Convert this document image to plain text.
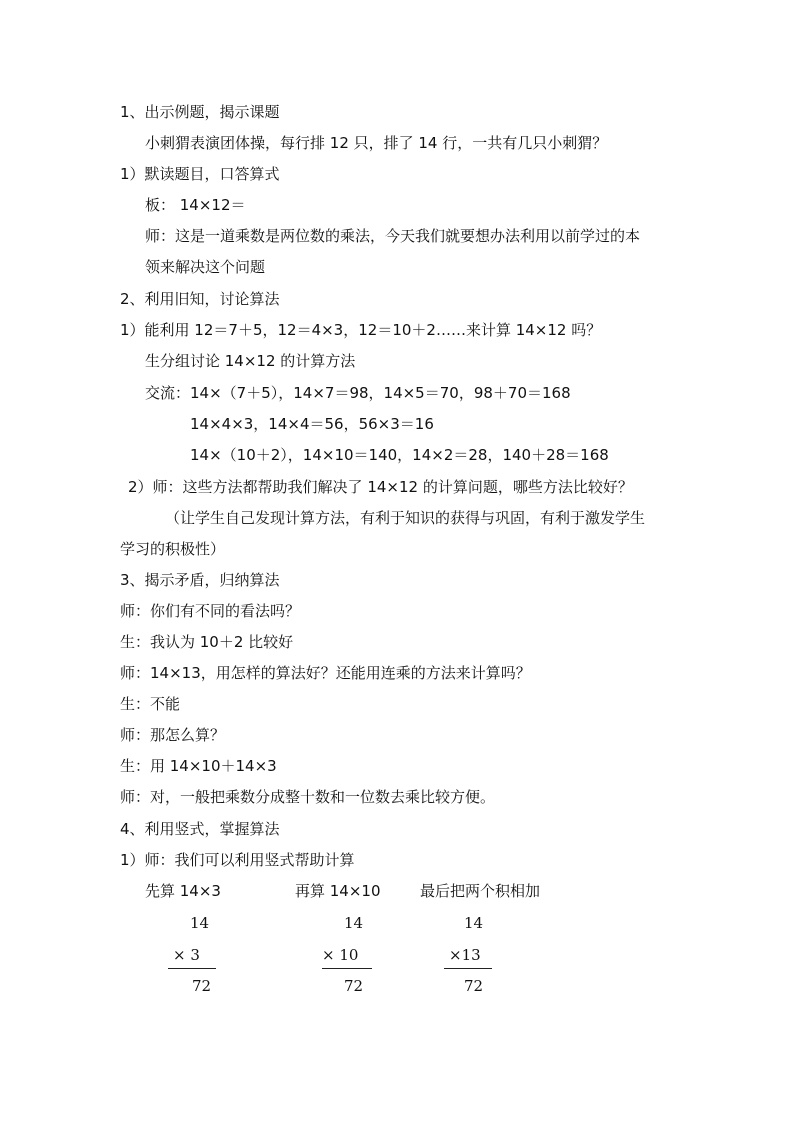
1、出示例题，揭示课题
小刺猬表演团体操，每行排 12 只，排了 14 行，一共有几只小刺猬？
1）默读题目，口答算式
板： 14×12＝
师：这是一道乘数是两位数的乘法，今天我们就要想办法利用以前学过的本
领来解决这个问题
2、利用旧知，讨论算法
1）能利用 12＝7＋5，12＝4×3，12＝10＋2……来计算 14×12 吗？
生分组讨论 14×12 的计算方法
交流：14×（7＋5），14×7＝98，14×5＝70，98＋70＝168
14×4×3，14×4＝56，56×3＝16
14×（10＋2），14×10＝140，14×2＝28，140＋28＝168
2）师：这些方法都帮助我们解决了 14×12 的计算问题，哪些方法比较好？
（让学生自己发现计算方法，有利于知识的获得与巩固，有利于激发学生
学习的积极性）
3、揭示矛盾，归纳算法
师：你们有不同的看法吗？
生：我认为 10＋2 比较好
师：14×13，用怎样的算法好？还能用连乘的方法来计算吗？
生：不能
师：那怎么算？
生：用 14×10＋14×3
师：对，一般把乘数分成整十数和一位数去乘比较方便。
4、利用竖式，掌握算法
1）师：我们可以利用竖式帮助计算
先算 14×3	再算 14×10	最后把两个积相加
14
× 3
72
14
× 10
72
14
×13
72
